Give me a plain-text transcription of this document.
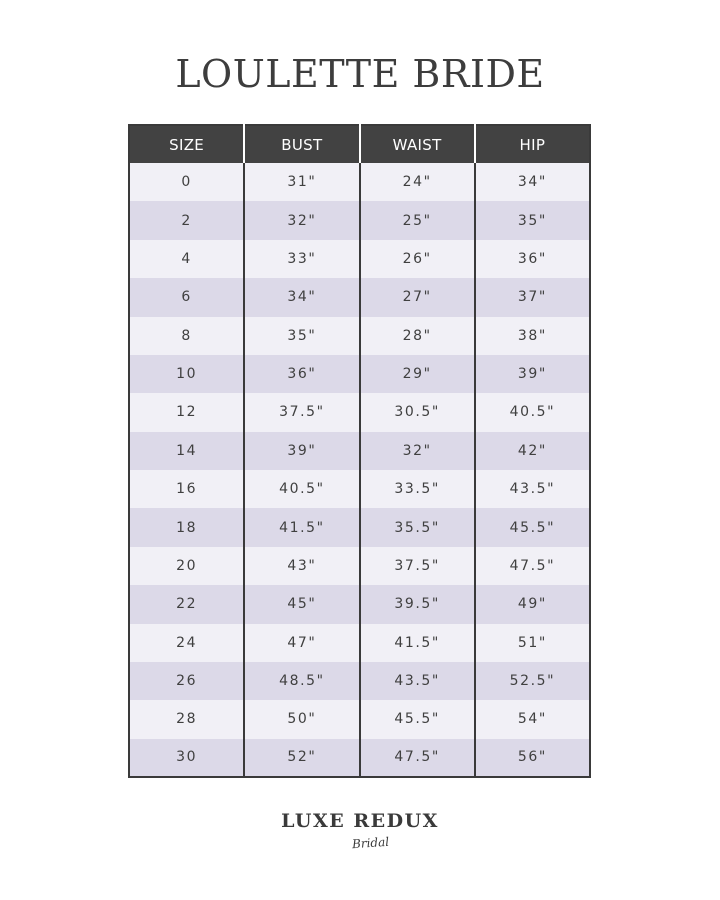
LOULETTE BRIDE
SIZE	BUST	WAIST	HIP
0	31"	24"	34"
2	32"	25"	35"
4	33"	26"	36"
6	34"	27"	37"
8	35"	28"	38"
10	36"	29"	39"
12	37.5"	30.5"	40.5"
14	39"	32"	42"
16	40.5"	33.5"	43.5"
18	41.5"	35.5"	45.5"
20	43"	37.5"	47.5"
22	45"	39.5"	49"
24	47"	41.5"	51"
26	48.5"	43.5"	52.5"
28	50"	45.5"	54"
30	52"	47.5"	56"
LUXE REDUX
Bridal
